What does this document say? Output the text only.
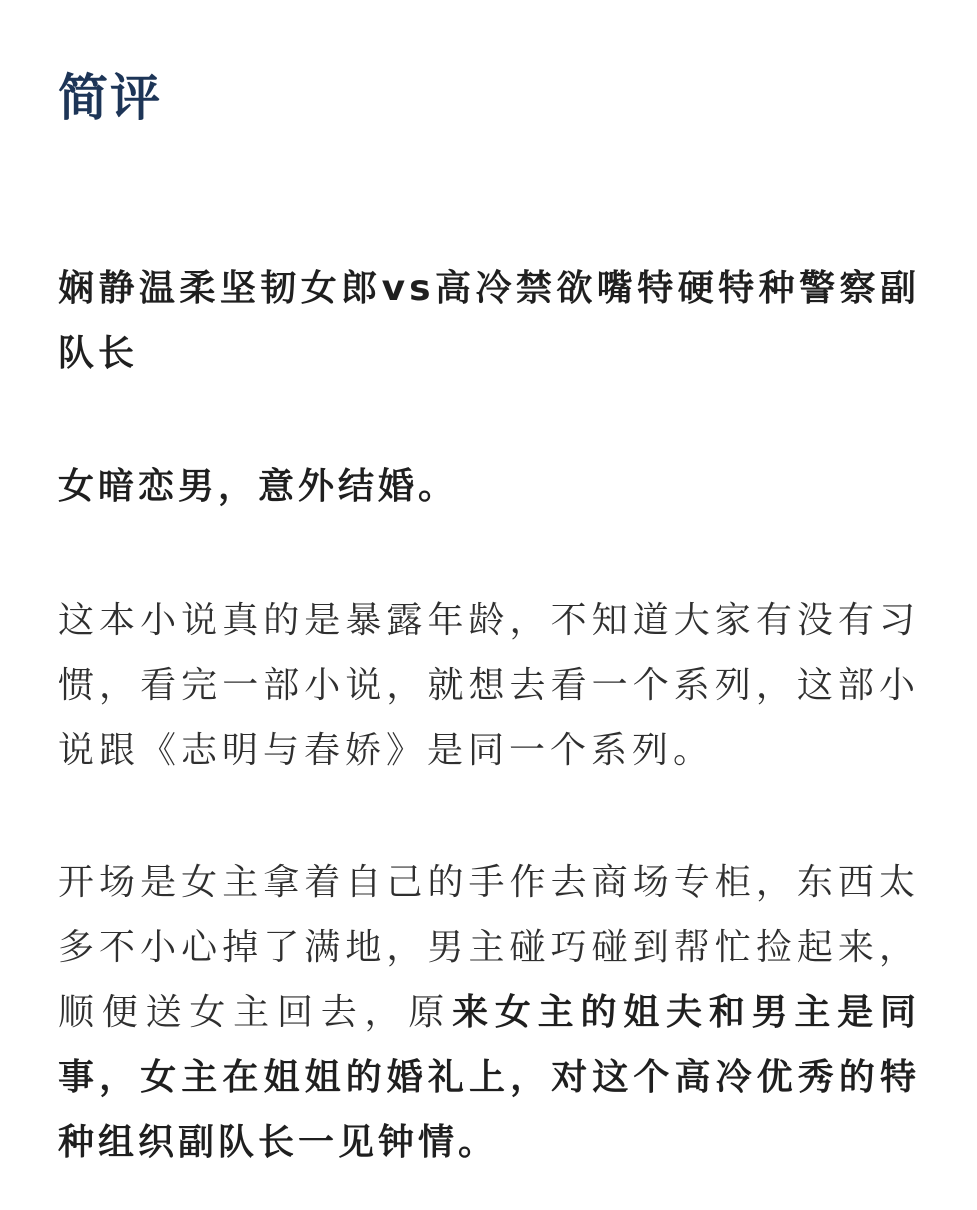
简评

娴静温柔坚韧女郎vs高冷禁欲嘴特硬特种警察副队长

女暗恋男，意外结婚。

这本小说真的是暴露年龄，不知道大家有没有习惯，看完一部小说，就想去看一个系列，这部小说跟《志明与春娇》是同一个系列。

开场是女主拿着自己的手作去商场专柜，东西太多不小心掉了满地，男主碰巧碰到帮忙捡起来，顺便送女主回去，原来女主的姐夫和男主是同事，女主在姐姐的婚礼上，对这个高冷优秀的特种组织副队长一见钟情。
